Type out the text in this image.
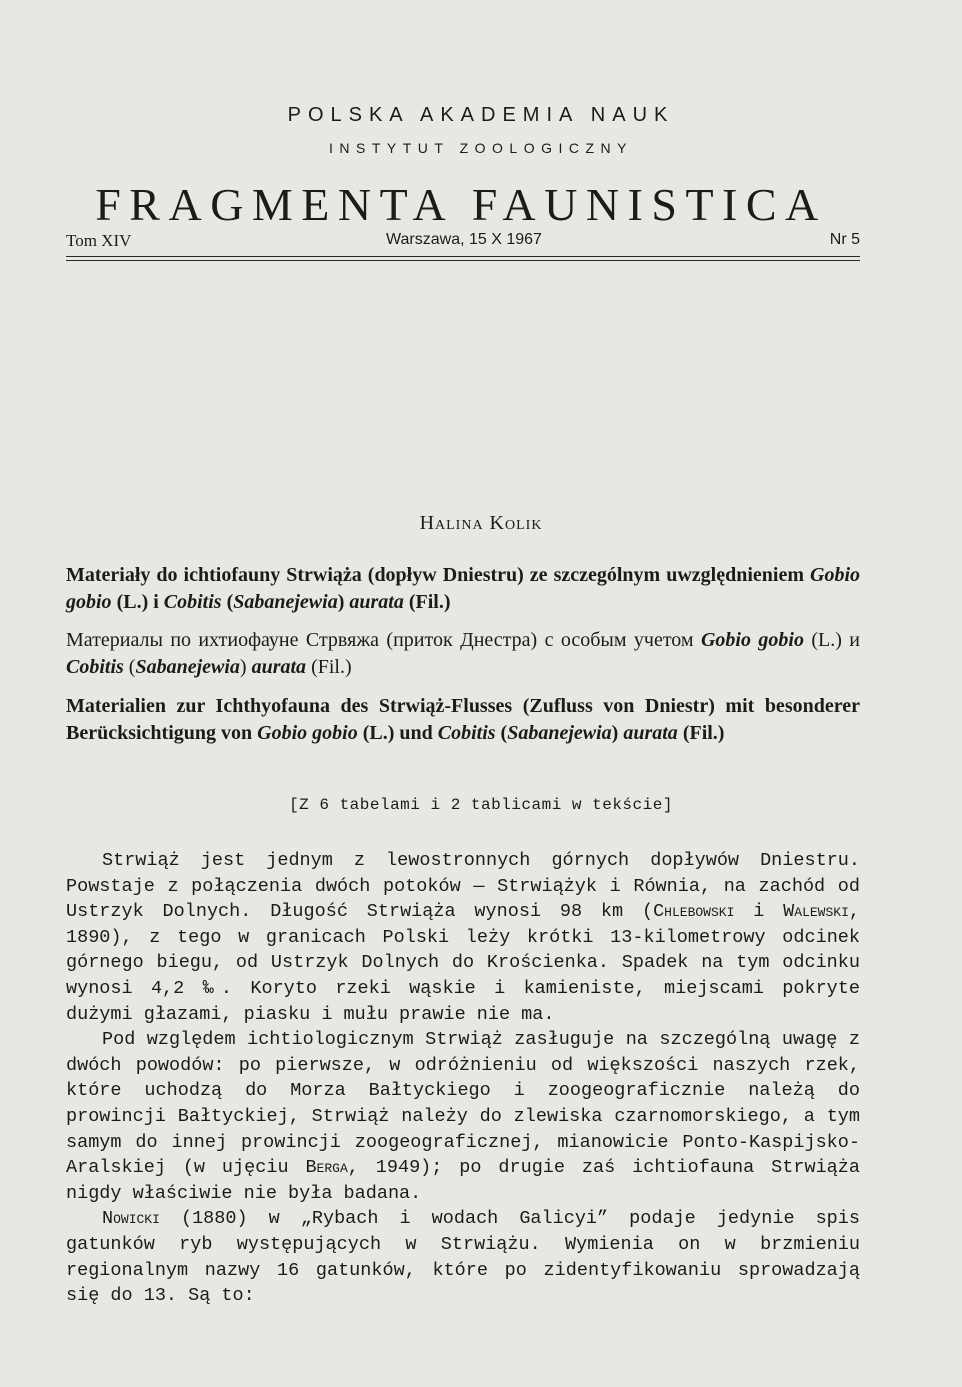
POLSKA AKADEMIA NAUK
INSTYTUT ZOOLOGICZNY
FRAGMENTA FAUNISTICA
Tom XIV	Warszawa, 15 X 1967	Nr 5
Halina Kolik
Materiały do ichtiofauny Strwiąża (dopływ Dniestru) ze szczególnym uwzględnieniem Gobio gobio (L.) i Cobitis (Sabanejewia) aurata (Fil.)
Материалы по ихтиофауне Стрвяжа (приток Днестра) с особым учетом Gobio gobio (L.) и Cobitis (Sabanejewia) aurata (Fil.)
Materialien zur Ichthyofauna des Strwiąż-Flusses (Zufluss von Dniestr) mit besonderer Berücksichtigung von Gobio gobio (L.) und Cobitis (Sabanejewia) aurata (Fil.)
[Z 6 tabelami i 2 tablicami w tekście]

Strwiąż jest jednym z lewostronnych górnych dopływów Dniestru. Powstaje z połączenia dwóch potoków — Strwiążyk i Równia, na zachód od Ustrzyk Dolnych. Długość Strwiąża wynosi 98 km (Chlebowski i Walewski, 1890), z tego w granicach Polski leży krótki 13-kilometrowy odcinek górnego biegu, od Ustrzyk Dolnych do Krościenka. Spadek na tym odcinku wynosi 4,2 ‰. Koryto rzeki wąskie i kamieniste, miejscami pokryte dużymi głazami, piasku i mułu prawie nie ma.

Pod względem ichtiologicznym Strwiąż zasługuje na szczególną uwagę z dwóch powodów: po pierwsze, w odróżnieniu od większości naszych rzek, które uchodzą do Morza Bałtyckiego i zoogeograficznie należą do prowincji Bałtyckiej, Strwiąż należy do zlewiska czarnomorskiego, a tym samym do innej prowincji zoogeograficznej, mianowicie Pontо-Kaspijsko-Aralskiej (w ujęciu Berga, 1949); po drugie zaś ichtiofauna Strwiąża nigdy właściwie nie była badana.

Nowicki (1880) w „Rybach i wodach Galicyi” podaje jedynie spis gatunków ryb występujących w Strwiążu. Wymienia on w brzmieniu regionalnym nazwy 16 gatunków, które po zidentyfikowaniu sprowadzają się do 13. Są to:
